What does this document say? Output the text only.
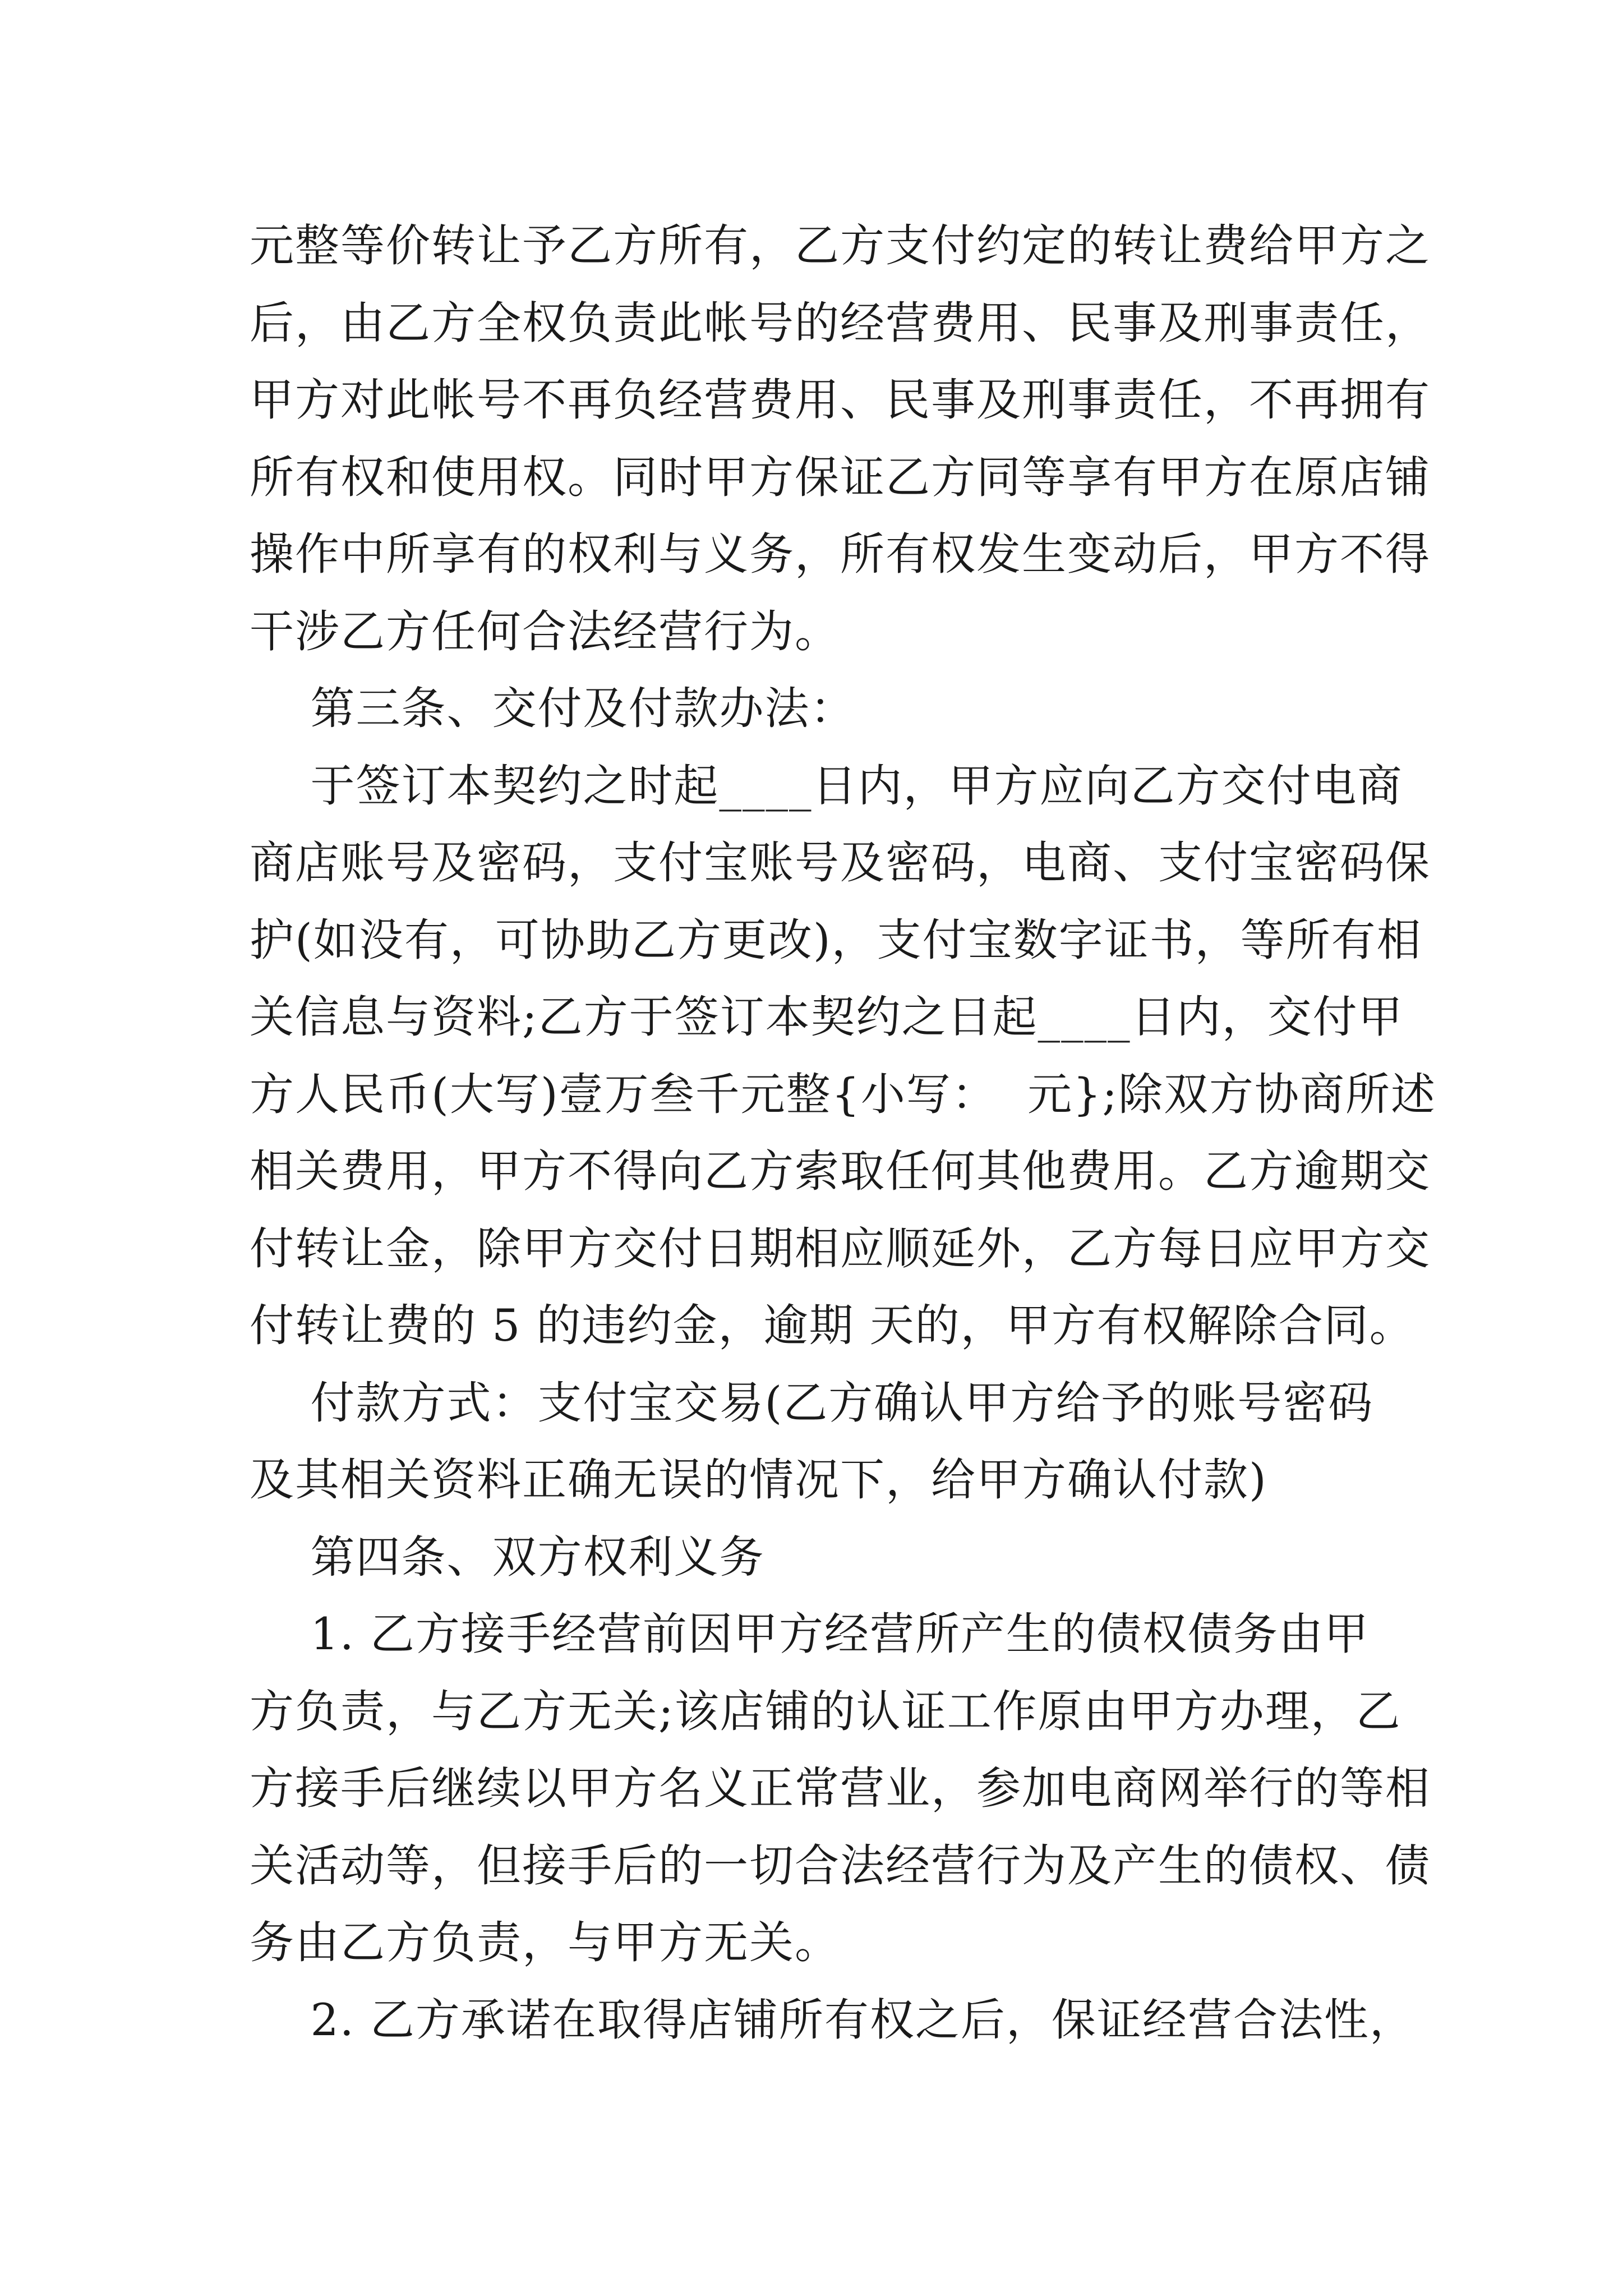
元整等价转让予乙方所有，乙方支付约定的转让费给甲方之
后，由乙方全权负责此帐号的经营费用、民事及刑事责任，
甲方对此帐号不再负经营费用、民事及刑事责任，不再拥有
所有权和使用权。同时甲方保证乙方同等享有甲方在原店铺
操作中所享有的权利与义务，所有权发生变动后，甲方不得
干涉乙方任何合法经营行为。
第三条、交付及付款办法：
于签订本契约之时起____日内，甲方应向乙方交付电商
商店账号及密码，支付宝账号及密码，电商、支付宝密码保
护(如没有，可协助乙方更改)，支付宝数字证书，等所有相
关信息与资料;乙方于签订本契约之日起____日内，交付甲
方人民币(大写)壹万叁千元整{小写：  元};除双方协商所述
相关费用，甲方不得向乙方索取任何其他费用。乙方逾期交
付转让金，除甲方交付日期相应顺延外，乙方每日应甲方交
付转让费的 5 的违约金，逾期 天的，甲方有权解除合同。
付款方式：支付宝交易(乙方确认甲方给予的账号密码
及其相关资料正确无误的情况下，给甲方确认付款)
第四条、双方权利义务
1. 乙方接手经营前因甲方经营所产生的债权债务由甲
方负责，与乙方无关;该店铺的认证工作原由甲方办理，乙
方接手后继续以甲方名义正常营业，参加电商网举行的等相
关活动等，但接手后的一切合法经营行为及产生的债权、债
务由乙方负责，与甲方无关。
2. 乙方承诺在取得店铺所有权之后，保证经营合法性，
